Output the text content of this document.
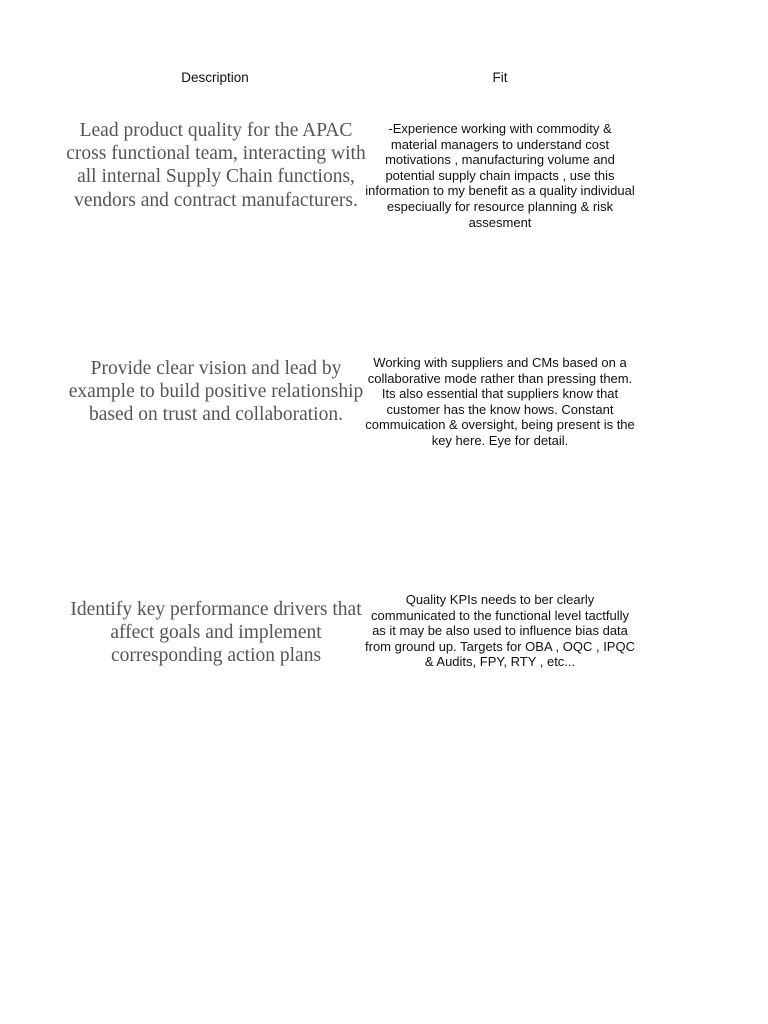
Description	Fit
Lead product quality for the APAC cross functional team, interacting with all internal Supply Chain functions, vendors and contract manufacturers.
-Experience working with commodity & material managers to understand cost motivations , manufacturing volume and potential supply chain impacts , use this information to my benefit as a quality individual especiually for resource planning & risk assesment
Provide clear vision and lead by example to build positive relationship based on trust and collaboration.
Working with suppliers and CMs based on a collaborative mode rather than pressing them. Its also essential that suppliers know that customer has the know hows. Constant commuication & oversight, being present is the key here. Eye for detail.
Identify key performance drivers that affect goals and implement corresponding action plans
Quality KPIs needs to ber clearly communicated to the functional level tactfully as it may be also used to influence bias data from ground up. Targets for OBA , OQC , IPQC & Audits, FPY, RTY , etc...
